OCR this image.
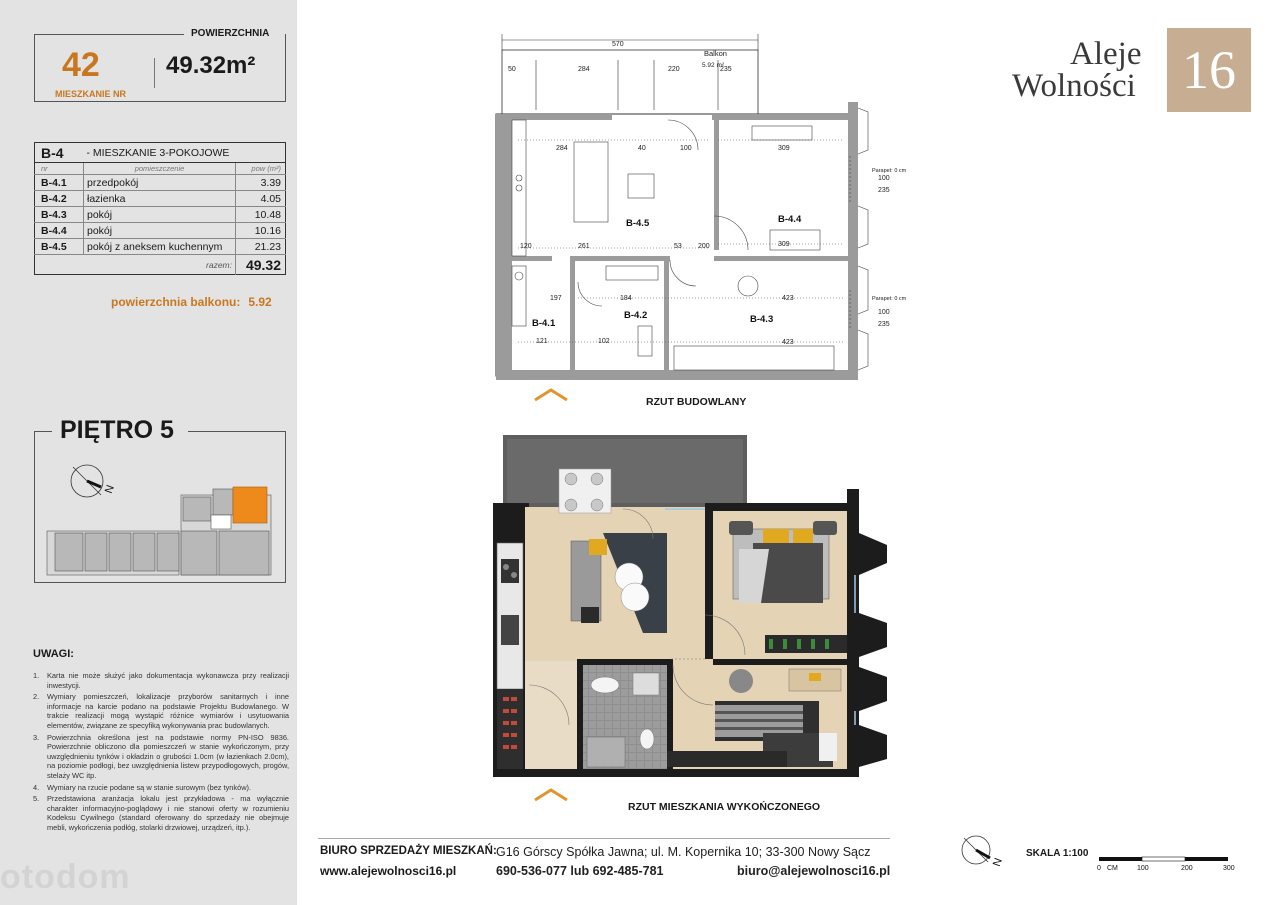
42
MIESZKANIE NR
POWIERZCHNIA
49.32m²
B-4	- MIESZKANIE 3-POKOJOWE	
nr	pomieszczenie	pow (m²)
B-4.1	przedpokój	3.39
B-4.2	łazienka	4.05
B-4.3	pokój	10.48
B-4.4	pokój	10.16
B-4.5	pokój z aneksem kuchennym	21.23
	razem:	49.32
powierzchnia balkonu: 5.92
N
PIĘTRO 5
UWAGI:
1. Karta nie może służyć jako dokumentacja wykonawcza przy realizacji inwestycji.
2. Wymiary pomieszczeń, lokalizacje przyborów sanitarnych i inne informacje na karcie podano na podstawie Projektu Budowlanego. W trakcie realizacji mogą wystąpić różnice wymiarów i usytuowania elementów, związane ze specyfiką wykonywania prac budowlanych.
3. Powierzchnia określona jest na podstawie normy PN-ISO 9836. Powierzchnie obliczono dla pomieszczeń w stanie wykończonym, przy uwzględnieniu tynków i okładzin o grubości 1.0cm (w łazienkach 2.0cm), na poziomie podłogi, bez uwzględnienia listew przypodłogowych, progów, stelaży WC itp.
4. Wymiary na rzucie podane są w stanie surowym (bez tynków).
5. Przedstawiona aranżacja lokalu jest przykładowa - ma wyłącznie charakter informacyjno-poglądowy i nie stanowi oferty w rozumieniu Kodeksu Cywilnego (standard oferowany do sprzedaży nie obejmuje mebli, wykończenia podłóg, stolarki drzwiowej, urządzeń, itp.).
otodom
Aleje
Wolności 16
570
50	284	220	235
284	40	100	309
261
120	53 200	309
197	184	423
121	102	423
100
235
100
235
Parapet: 0 cm
Parapet: 0 cm
B-4.5	B-4.4
B-4.2	B-4.3
B-4.1
Balkon
5.92 m²
RZUT BUDOWLANY
RZUT MIESZKANIA WYKOŃCZONEGO
BIURO SPRZEDAŻY MIESZKAŃ:
www.alejewolnosci16.pl
G16 Górscy Spółka Jawna; ul. M. Kopernika 10; 33-300 Nowy Sącz
690-536-077 lub 692-485-781	biuro@alejewolnosci16.pl
N
SKALA 1:100
0 CM	100	200	300
